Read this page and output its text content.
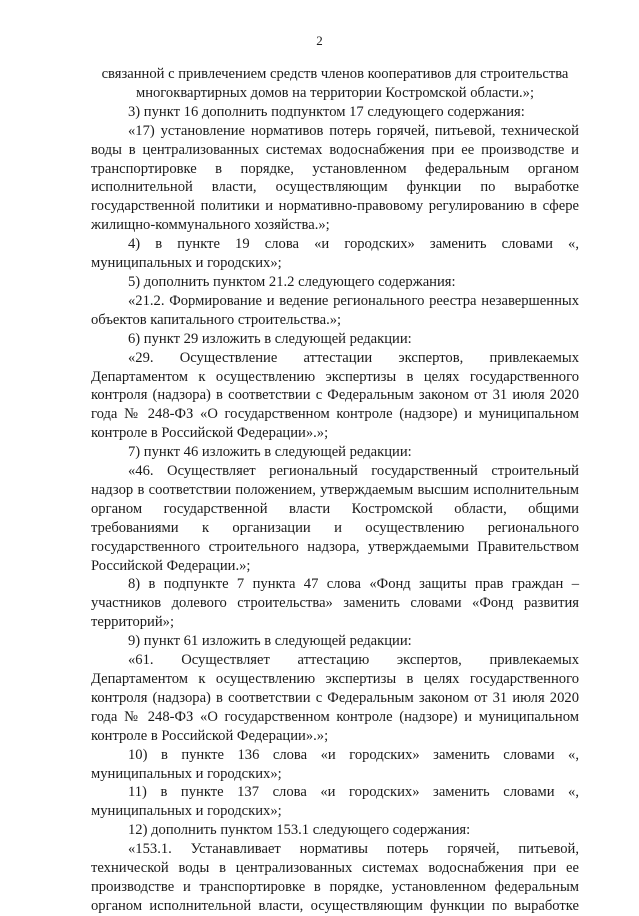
2

связанной с привлечением средств членов кооперативов для строительства многоквартирных домов на территории Костромской области.»;

3) пункт 16 дополнить подпунктом 17 следующего содержания:

«17) установление нормативов потерь горячей, питьевой, технической воды в централизованных системах водоснабжения при ее производстве и транспортировке в порядке, установленном федеральным органом исполнительной власти, осуществляющим функции по выработке государственной политики и нормативно-правовому регулированию в сфере жилищно-коммунального хозяйства.»;

4) в пункте 19 слова «и городских» заменить словами «, муниципальных и городских»;

5) дополнить пунктом 21.2 следующего содержания:

«21.2. Формирование и ведение регионального реестра незавершенных объектов капитального строительства.»;

6) пункт 29 изложить в следующей редакции:

«29. Осуществление аттестации экспертов, привлекаемых Департаментом к осуществлению экспертизы в целях государственного контроля (надзора) в соответствии с Федеральным законом от 31 июля 2020 года № 248-ФЗ «О государственном контроле (надзоре) и муниципальном контроле в Российской Федерации».»;

7) пункт 46 изложить в следующей редакции:

«46. Осуществляет региональный государственный строительный надзор в соответствии положением, утверждаемым высшим исполнительным органом государственной власти Костромской области, общими требованиями к организации и осуществлению регионального государственного строительного надзора, утверждаемыми Правительством Российской Федерации.»;

8) в подпункте 7 пункта 47 слова «Фонд защиты прав граждан – участников долевого строительства» заменить словами «Фонд развития территорий»;

9) пункт 61 изложить в следующей редакции:

«61. Осуществляет аттестацию экспертов, привлекаемых Департаментом к осуществлению экспертизы в целях государственного контроля (надзора) в соответствии с Федеральным законом от 31 июля 2020 года № 248-ФЗ «О государственном контроле (надзоре) и муниципальном контроле в Российской Федерации».»;

10) в пункте 136 слова «и городских» заменить словами «, муниципальных и городских»;

11) в пункте 137 слова «и городских» заменить словами «, муниципальных и городских»;

12) дополнить пунктом 153.1 следующего содержания:

«153.1. Устанавливает нормативы потерь горячей, питьевой, технической воды в централизованных системах водоснабжения при ее производстве и транспортировке в порядке, установленном федеральным органом исполнительной власти, осуществляющим функции по выработке
